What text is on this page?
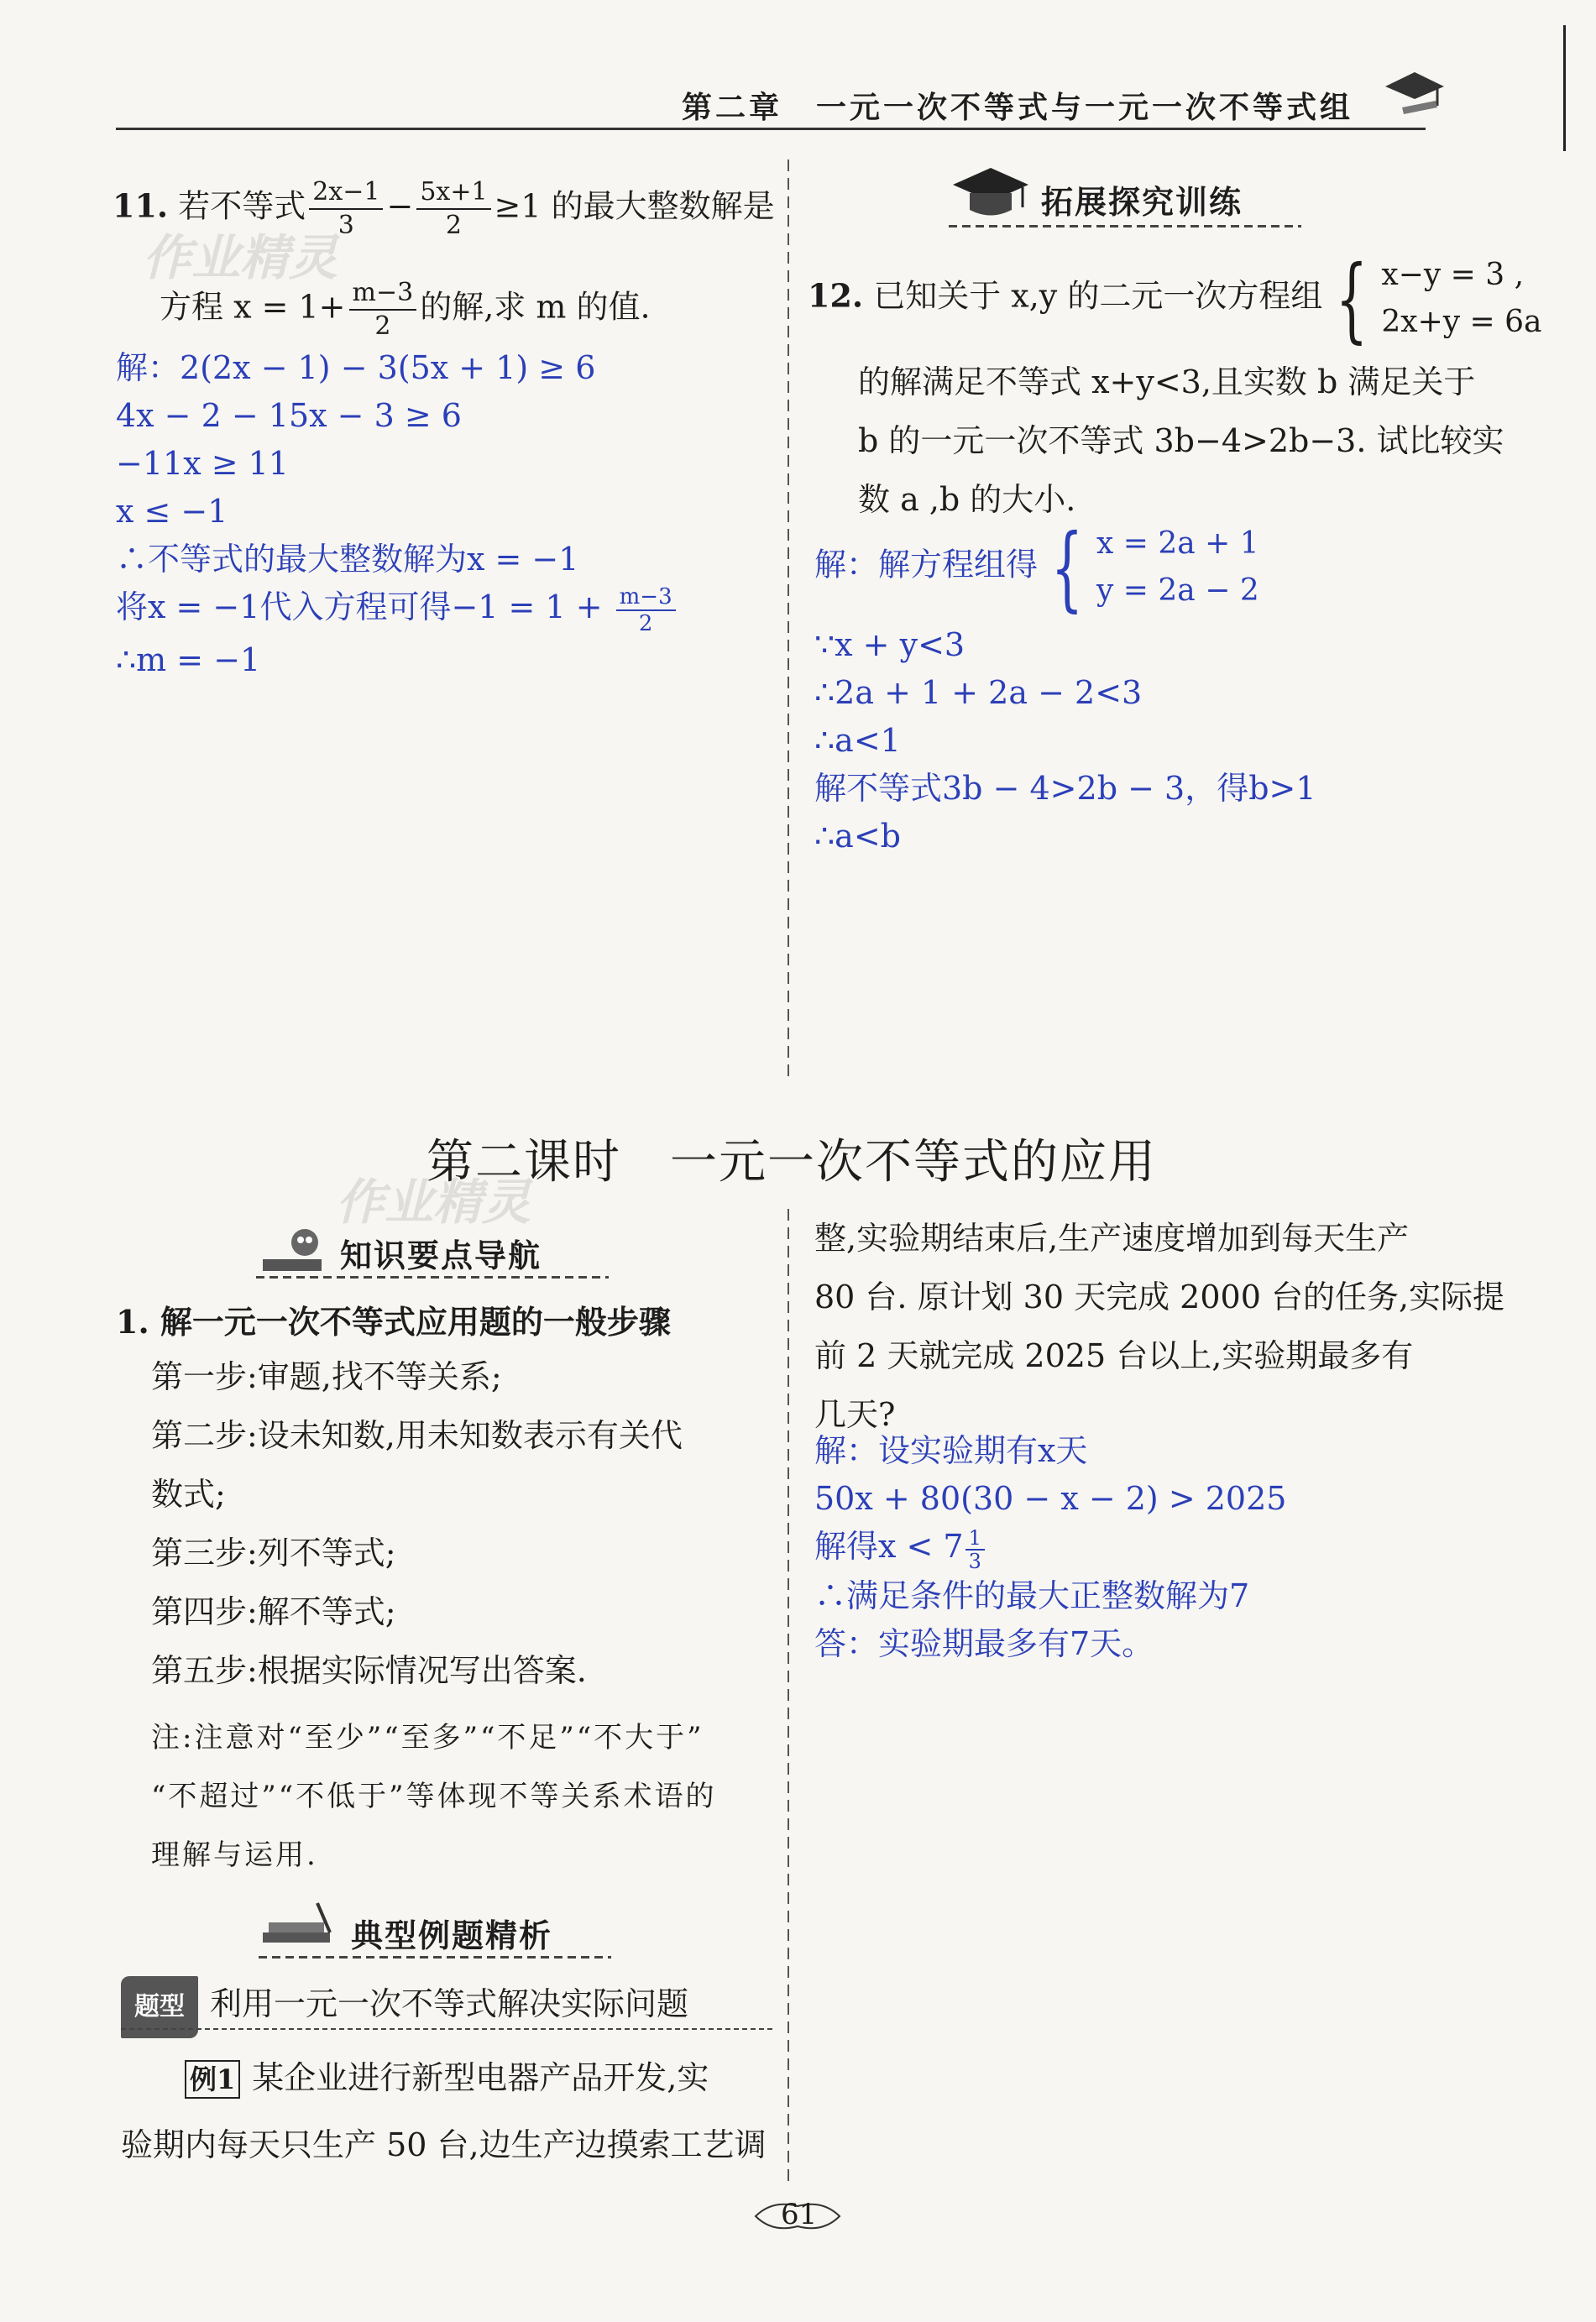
第二章　一元一次不等式与一元一次不等式组
11. 若不等式 $\frac{2x-1}{3} - \frac{5x+1}{2} \ge 1$ 的最大整数解是
方程 $x = 1+ \frac{m-3}{2}$ 的解,求 m 的值.
解：2(2x − 1) − 3(5x + 1) ≥ 6
4x − 2 − 15x − 3 ≥ 6
−11x ≥ 11
x ≤ −1
∴不等式的最大整数解为x = −1
将x = −1代入方程可得$-1 = 1 + \frac{m-3}{2}$
∴m = −1
拓展探究训练
12. 已知关于 x,y 的二元一次方程组 { x−y = 3 ,
2x+y = 6a
的解满足不等式 x+y<3,且实数 b 满足关于
b 的一元一次不等式 3b−4>2b−3. 试比较实
数 a ,b 的大小.
解：解方程组得 { x = 2a + 1
y = 2a − 2
∵x + y<3
∴2a + 1 + 2a − 2<3
∴a<1
解不等式3b − 4>2b − 3，得b>1
∴a<b
第二课时　一元一次不等式的应用
作业精灵
作业精灵
知识要点导航
1. 解一元一次不等式应用题的一般步骤
第一步:审题,找不等关系;
第二步:设未知数,用未知数表示有关代
数式;
第三步:列不等式;
第四步:解不等式;
第五步:根据实际情况写出答案.
注:注意对“至少”“至多”“不足”“不大于”
“不超过”“不低于”等体现不等关系术语的
理解与运用.
典型例题精析
题型 利用一元一次不等式解决实际问题
例1 某企业进行新型电器产品开发,实
验期内每天只生产 50 台,边生产边摸索工艺调
整,实验期结束后,生产速度增加到每天生产
80 台. 原计划 30 天完成 2000 台的任务,实际提
前 2 天就完成 2025 台以上,实验期最多有
几天?
解：设实验期有x天
50x + 80(30 − x − 2) > 2025
解得$x < 7 \frac{1}{3}$
∴满足条件的最大正整数解为7
答：实验期最多有7天。
61
